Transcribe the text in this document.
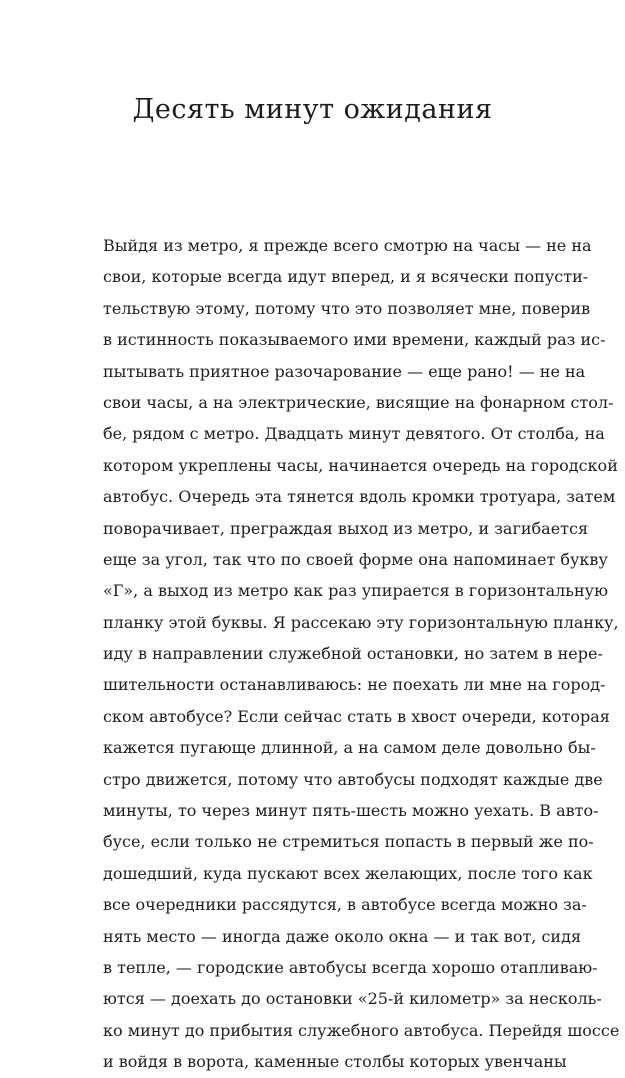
Десять минут ожидания
Выйдя из метро, я прежде всего смотрю на часы — не на
свои, которые всегда идут вперед, и я всячески попусти-
тельствую этому, потому что это позволяет мне, поверив
в истинность показываемого ими времени, каждый раз ис-
пытывать приятное разочарование — еще рано! — не на
свои часы, а на электрические, висящие на фонарном стол-
бе, рядом с метро. Двадцать минут девятого. От столба, на
котором укреплены часы, начинается очередь на городской
автобус. Очередь эта тянется вдоль кромки тротуара, затем
поворачивает, преграждая выход из метро, и загибается
еще за угол, так что по своей форме она напоминает букву
«Г», а выход из метро как раз упирается в горизонтальную
планку этой буквы. Я рассекаю эту горизонтальную планку,
иду в направлении служебной остановки, но затем в нере-
шительности останавливаюсь: не поехать ли мне на город-
ском автобусе? Если сейчас стать в хвост очереди, которая
кажется пугающе длинной, а на самом деле довольно бы-
стро движется, потому что автобусы подходят каждые две
минуты, то через минут пять-шесть можно уехать. В авто-
бусе, если только не стремиться попасть в первый же по-
дошедший, куда пускают всех желающих, после того как
все очередники рассядутся, в автобусе всегда можно за-
нять место — иногда даже около окна — и так вот, сидя
в тепле, — городские автобусы всегда хорошо отапливаю-
ются — доехать до остановки «25-й километр» за несколь-
ко минут до прибытия служебного автобуса. Перейдя шоссе
и войдя в ворота, каменные столбы которых увенчаны
